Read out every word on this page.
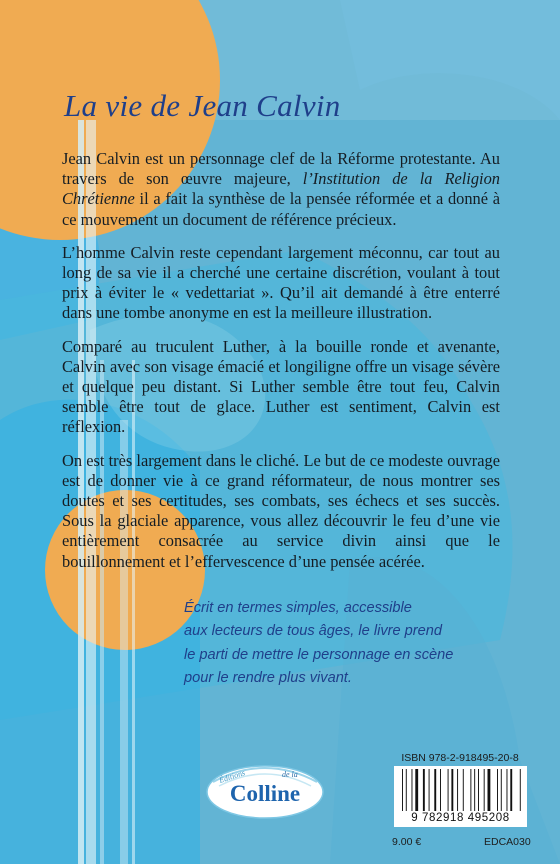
La vie de Jean Calvin

Jean Calvin est un personnage clef de la Réforme protestante. Au travers de son œuvre majeure, l’Institution de la Religion Chrétienne il a fait la synthèse de la pensée réformée et a donné à ce mouvement un document de référence précieux.

L’homme Calvin reste cependant largement méconnu, car tout au long de sa vie il a cherché une certaine discrétion, voulant à tout prix à éviter le « vedettariat ». Qu’il ait demandé à être enterré dans une tombe anonyme en est la meilleure illustration.

Comparé au truculent Luther, à la bouille ronde et avenante, Calvin avec son visage émacié et longiligne offre un visage sévère et quelque peu distant. Si Luther semble être tout feu, Calvin semble être tout de glace. Luther est sentiment, Calvin est réflexion.

On est très largement dans le cliché. Le but de ce modeste ouvrage est de donner vie à ce grand réformateur, de nous montrer ses doutes et ses certitudes, ses combats, ses échecs et ses succès. Sous la glaciale apparence, vous allez découvrir le feu d’une vie entièrement consacrée au service divin ainsi que le bouillonnement et l’effervescence d’une pensée acérée.

Écrit en termes simples, accessible
aux lecteurs de tous âges, le livre prend
le parti de mettre le personnage en scène
pour le rendre plus vivant.
Éditions	de la
Colline
ISBN 978-2-918495-20-8
9 782918 495208
9.00 €	EDCA030
